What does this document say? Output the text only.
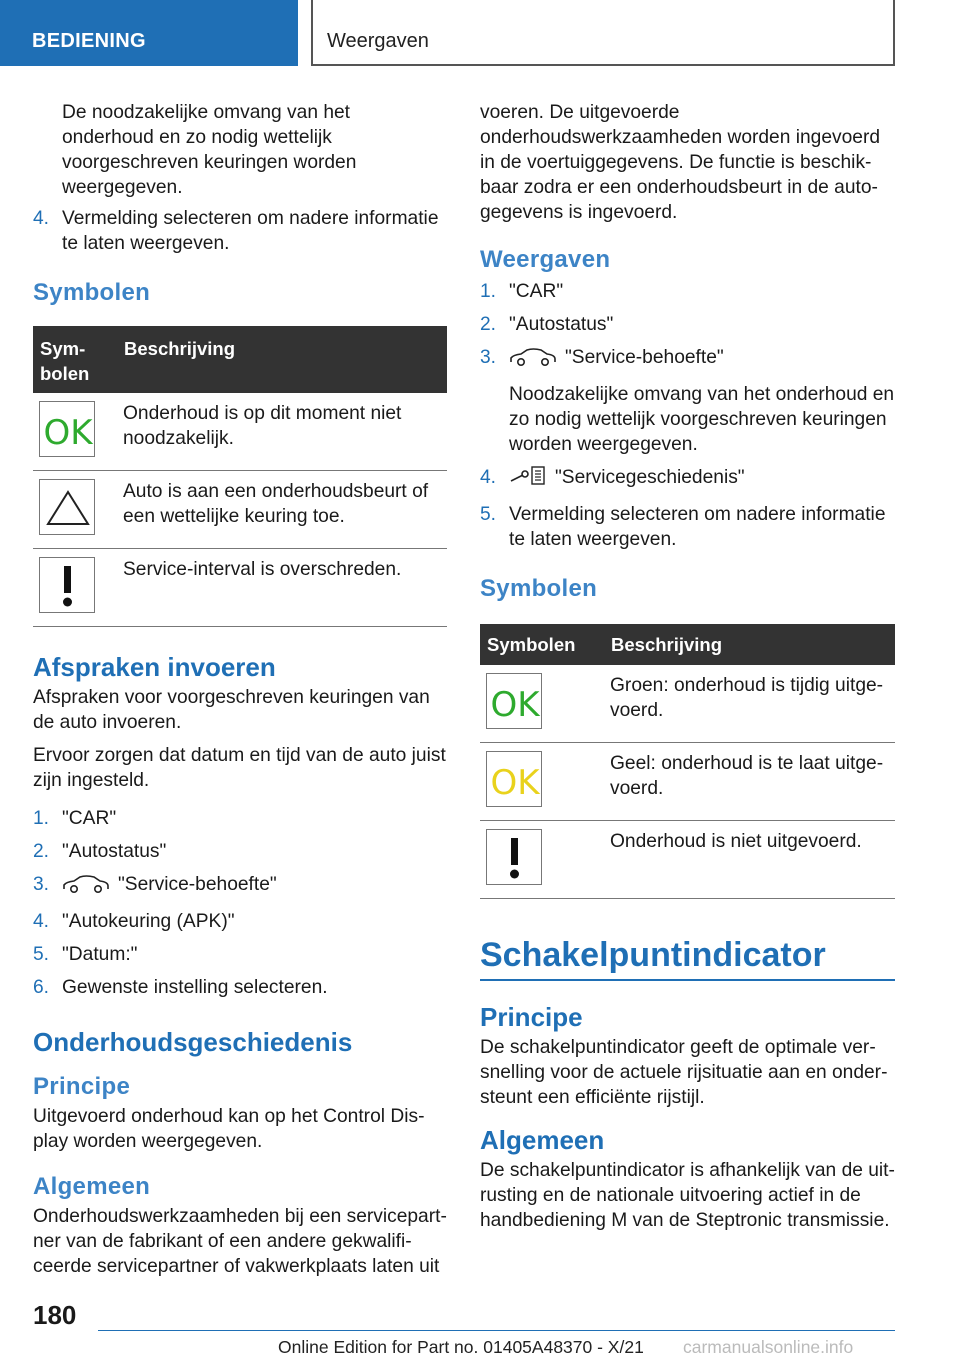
BEDIENING	Weergaven

De noodzakelijke omvang van het onderhoud en zo nodig wettelijk voorgeschreven keuringen worden weergegeven.

4. Vermelding selecteren om nadere informatie te laten weergeven.
Symbolen
Symbolen	Beschrijving

OK	Onderhoud is op dit moment niet noodzakelijk.

	Auto is aan een onderhoudsbeurt of een wettelijke keuring toe.

	Service-interval is overschreden.
Afspraken invoeren

Afspraken voor voorgeschreven keuringen van de auto invoeren.

Ervoor zorgen dat datum en tijd van de auto juist zijn ingesteld.

1. "CAR"
2. "Autostatus"
3.	"Service-behoefte"
4. "Autokeuring (APK)"
5. "Datum:"
6. Gewenste instelling selecteren.
Onderhoudsgeschiedenis
Principe

Uitgevoerd onderhoud kan op het Control Display worden weergegeven.

Algemeen

Onderhoudswerkzaamheden bij een servicepartner van de fabrikant of een andere gekwalificeerde servicepartner of vakwerkplaats laten uit

voeren. De uitgevoerde onderhoudswerkzaamheden worden ingevoerd in de voertuiggegevens. De functie is beschikbaar zodra er een onderhoudsbeurt in de autogegevens is ingevoerd.

Weergaven
1. "CAR"
2. "Autostatus"
3.	"Service-behoefte"
Noodzakelijke omvang van het onderhoud en zo nodig wettelijk voorgeschreven keuringen worden weergegeven.
4.	"Servicegeschiedenis"
5. Vermelding selecteren om nadere informatie te laten weergeven.
Symbolen
Symbolen	Beschrijving

OK	Groen: onderhoud is tijdig uitgevoerd.

OK	Geel: onderhoud is te laat uitgevoerd.

	Onderhoud is niet uitgevoerd.
Schakelpuntindicator
Principe

De schakelpuntindicator geeft de optimale versnelling voor de actuele rijsituatie aan en ondersteunt een efficiënte rijstijl.

Algemeen

De schakelpuntindicator is afhankelijk van de uitrusting en de nationale uitvoering actief in de handbediening M van de Steptronic transmissie.

180
Online Edition for Part no. 01405A48370 - X/21 carmanualsonline.info
